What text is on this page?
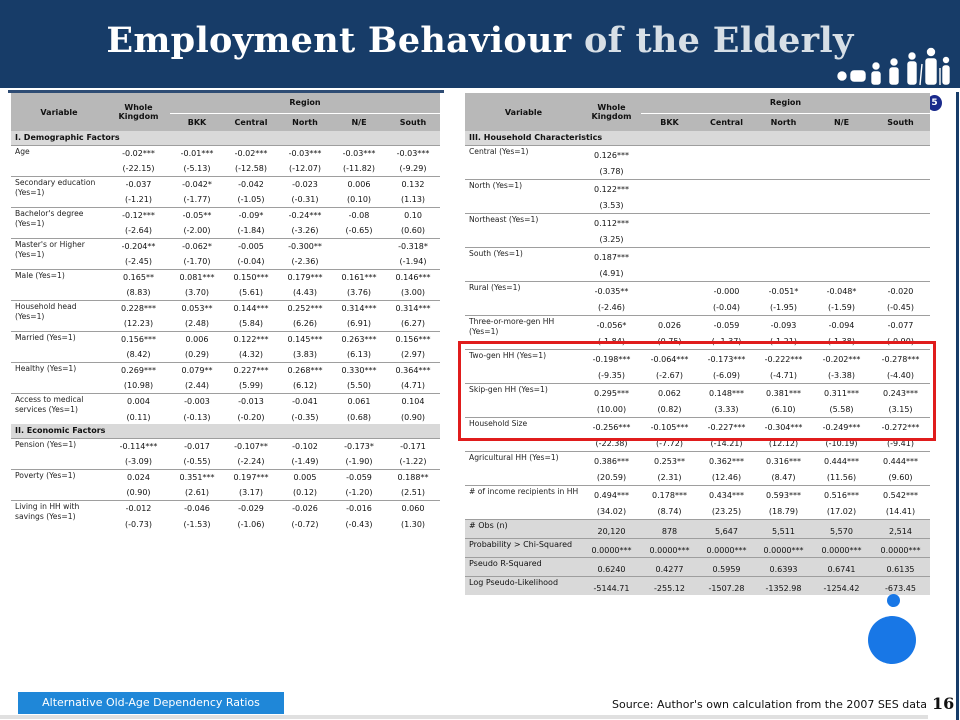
Employment Behaviour of the Elderly
5
Variable	Whole Kingdom	Region				
		BKK	Central	North	N/E	South
I. Demographic Factors						
Age	-0.02***	-0.01***	-0.02***	-0.03***	-0.03***	-0.03***
	(-22.15)	(-5.13)	(-12.58)	(-12.07)	(-11.82)	(-9.29)
Secondary education (Yes=1)	-0.037	-0.042*	-0.042	-0.023	0.006	0.132
	(-1.21)	(-1.77)	(-1.05)	(-0.31)	(0.10)	(1.13)
Bachelor's degree (Yes=1)	-0.12***	-0.05**	-0.09*	-0.24***	-0.08	0.10
	(-2.64)	(-2.00)	(-1.84)	(-3.26)	(-0.65)	(0.60)
Master's or Higher (Yes=1)	-0.204**	-0.062*	-0.005	-0.300**		-0.318*
	(-2.45)	(-1.70)	(-0.04)	(-2.36)		(-1.94)
Male (Yes=1)	0.165**	0.081***	0.150***	0.179***	0.161***	0.146***
	(8.83)	(3.70)	(5.61)	(4.43)	(3.76)	(3.00)
Household head (Yes=1)	0.228***	0.053**	0.144***	0.252***	0.314***	0.314***
	(12.23)	(2.48)	(5.84)	(6.26)	(6.91)	(6.27)
Married (Yes=1)	0.156***	0.006	0.122***	0.145***	0.263***	0.156***
	(8.42)	(0.29)	(4.32)	(3.83)	(6.13)	(2.97)
Healthy (Yes=1)	0.269***	0.079**	0.227***	0.268***	0.330***	0.364***
	(10.98)	(2.44)	(5.99)	(6.12)	(5.50)	(4.71)
Access to medical services (Yes=1)	0.004	-0.003	-0.013	-0.041	0.061	0.104
	(0.11)	(-0.13)	(-0.20)	(-0.35)	(0.68)	(0.90)
II. Economic Factors						
Pension (Yes=1)	-0.114***	-0.017	-0.107**	-0.102	-0.173*	-0.171
	(-3.09)	(-0.55)	(-2.24)	(-1.49)	(-1.90)	(-1.22)
Poverty (Yes=1)	0.024	0.351***	0.197***	0.005	-0.059	0.188**
	(0.90)	(2.61)	(3.17)	(0.12)	(-1.20)	(2.51)
Living in HH with savings (Yes=1)	-0.012	-0.046	-0.029	-0.026	-0.016	0.060
	(-0.73)	(-1.53)	(-1.06)	(-0.72)	(-0.43)	(1.30)
Variable	Whole Kingdom	Region				
		BKK	Central	North	N/E	South
III. Household Characteristics						
Central (Yes=1)	0.126***					
	(3.78)					
North (Yes=1)	0.122***					
	(3.53)					
Northeast (Yes=1)	0.112***					
	(3.25)					
South (Yes=1)	0.187***					
	(4.91)					
Rural (Yes=1)	-0.035**		-0.000	-0.051*	-0.048*	-0.020
	(-2.46)		(-0.04)	(-1.95)	(-1.59)	(-0.45)
Three-or-more-gen HH (Yes=1)	-0.056*	0.026	-0.059	-0.093	-0.094	-0.077
	(-1.84)	(0.75)	(--1.37)	(-1.21)	(-1.38)	(-0.90)
Two-gen HH (Yes=1)	-0.198***	-0.064***	-0.173***	-0.222***	-0.202***	-0.278***
	(-9.35)	(-2.67)	(-6.09)	(-4.71)	(-3.38)	(-4.40)
Skip-gen HH (Yes=1)	0.295***	0.062	0.148***	0.381***	0.311***	0.243***
	(10.00)	(0.82)	(3.33)	(6.10)	(5.58)	(3.15)
Household Size	-0.256***	-0.105***	-0.227***	-0.304***	-0.249***	-0.272***
	(-22.38)	(-7.72)	(-14.21)	(12.12)	(-10.19)	(-9.41)
Agricultural HH (Yes=1)	0.386***	0.253**	0.362***	0.316***	0.444***	0.444***
	(20.59)	(2.31)	(12.46)	(8.47)	(11.56)	(9.60)
# of income recipients in HH	0.494***	0.178***	0.434***	0.593***	0.516***	0.542***
	(34.02)	(8.74)	(23.25)	(18.79)	(17.02)	(14.41)
# Obs (n)	20,120	878	5,647	5,511	5,570	2,514
Probability > Chi-Squared	0.0000***	0.0000***	0.0000***	0.0000***	0.0000***	0.0000***
Pseudo R-Squared	0.6240	0.4277	0.5959	0.6393	0.6741	0.6135
Log Pseudo-Likelihood	-5144.71	-255.12	-1507.28	-1352.98	-1254.42	-673.45
Alternative Old-Age Dependency Ratios	Source: Author's own calculation from the 2007 SES data 16
